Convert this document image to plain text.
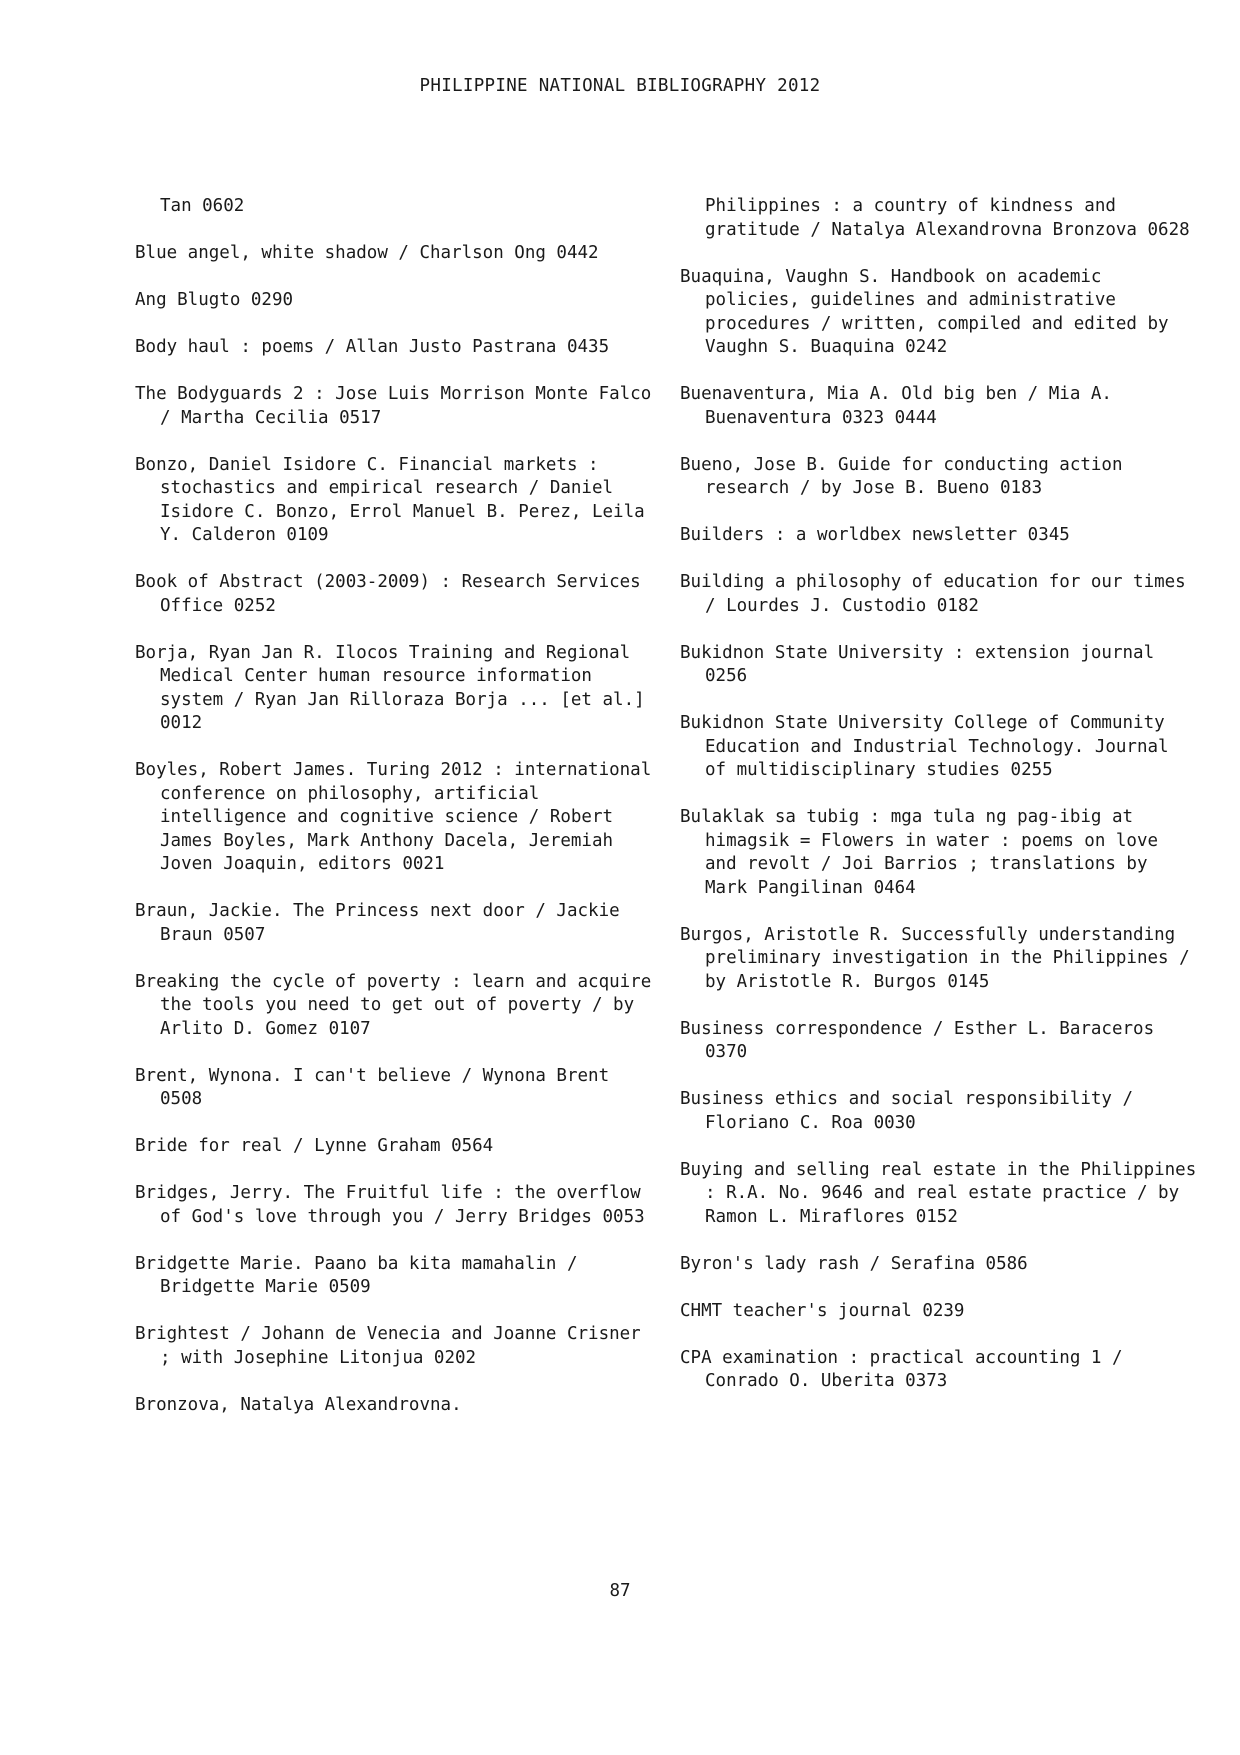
PHILIPPINE NATIONAL BIBLIOGRAPHY 2012

Tan 0602

Blue angel, white shadow / Charlson Ong 0442

Ang Blugto 0290

Body haul : poems / Allan Justo Pastrana 0435

The Bodyguards 2 : Jose Luis Morrison Monte Falco / Martha Cecilia 0517

Bonzo, Daniel Isidore C. Financial markets : stochastics and empirical research / Daniel Isidore C. Bonzo, Errol Manuel B. Perez, Leila Y. Calderon 0109

Book of Abstract (2003-2009) : Research Services Office 0252

Borja, Ryan Jan R. Ilocos Training and Regional Medical Center human resource information system / Ryan Jan Rilloraza Borja ... [et al.] 0012

Boyles, Robert James. Turing 2012 : international conference on philosophy, artificial intelligence and cognitive science / Robert James Boyles, Mark Anthony Dacela, Jeremiah Joven Joaquin, editors 0021

Braun, Jackie. The Princess next door / Jackie Braun 0507

Breaking the cycle of poverty : learn and acquire the tools you need to get out of poverty / by Arlito D. Gomez 0107

Brent, Wynona. I can't believe / Wynona Brent 0508

Bride for real / Lynne Graham 0564

Bridges, Jerry. The Fruitful life : the overflow of God's love through you / Jerry Bridges 0053

Bridgette Marie. Paano ba kita mamahalin / Bridgette Marie 0509

Brightest / Johann de Venecia and Joanne Crisner ; with Josephine Litonjua 0202

Bronzova, Natalya Alexandrovna.

Philippines : a country of kindness and gratitude / Natalya Alexandrovna Bronzova 0628

Buaquina, Vaughn S. Handbook on academic policies, guidelines and administrative procedures / written, compiled and edited by Vaughn S. Buaquina 0242

Buenaventura, Mia A. Old big ben / Mia A. Buenaventura 0323 0444

Bueno, Jose B. Guide for conducting action research / by Jose B. Bueno 0183

Builders : a worldbex newsletter 0345

Building a philosophy of education for our times / Lourdes J. Custodio 0182

Bukidnon State University : extension journal 0256

Bukidnon State University College of Community Education and Industrial Technology. Journal of multidisciplinary studies 0255

Bulaklak sa tubig : mga tula ng pag-ibig at himagsik = Flowers in water : poems on love and revolt / Joi Barrios ; translations by Mark Pangilinan 0464

Burgos, Aristotle R. Successfully understanding preliminary investigation in the Philippines / by Aristotle R. Burgos 0145

Business correspondence / Esther L. Baraceros 0370

Business ethics and social responsibility / Floriano C. Roa 0030

Buying and selling real estate in the Philippines : R.A. No. 9646 and real estate practice / by Ramon L. Miraflores 0152

Byron's lady rash / Serafina 0586

CHMT teacher's journal 0239

CPA examination : practical accounting 1 / Conrado O. Uberita 0373

87
